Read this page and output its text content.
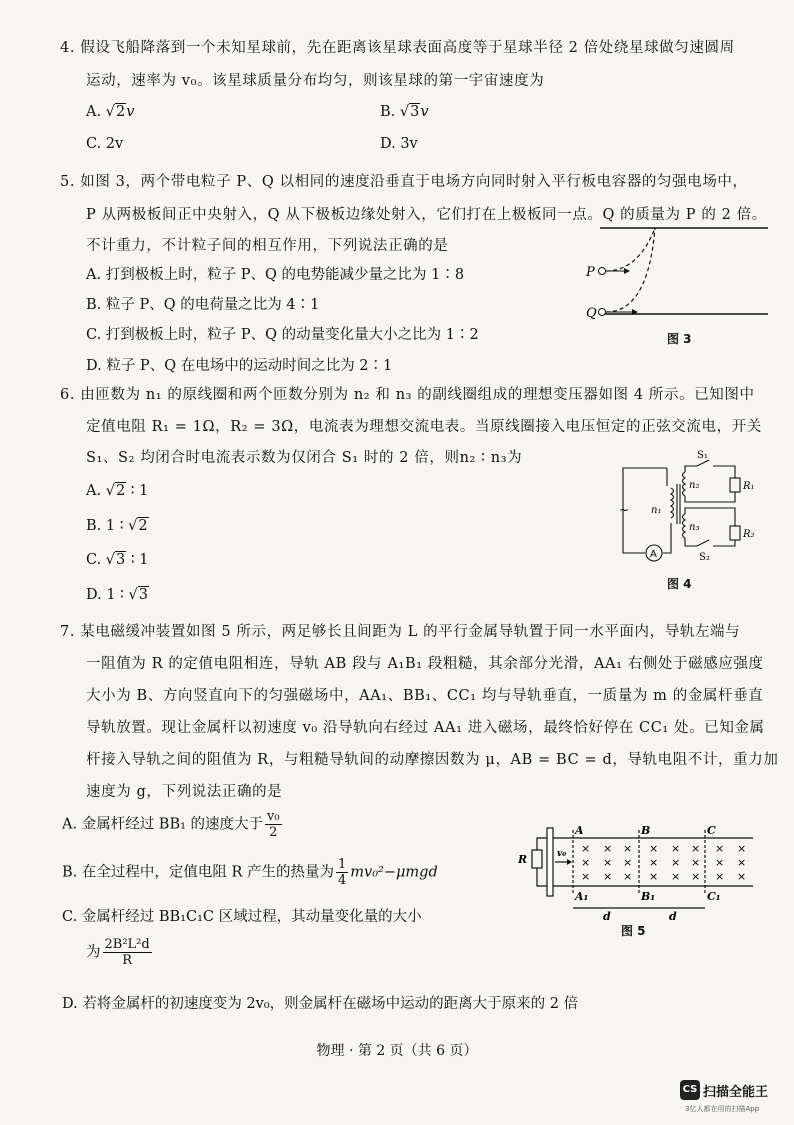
4. 假设飞船降落到一个未知星球前，先在距离该星球表面高度等于星球半径 2 倍处绕星球做匀速圆周
运动，速率为 v₀。该星球质量分布均匀，则该星球的第一宇宙速度为
A. √2v	B. √3v
C. 2v	D. 3v
5. 如图 3，两个带电粒子 P、Q 以相同的速度沿垂直于电场方向同时射入平行板电容器的匀强电场中，
P 从两极板间正中央射入，Q 从下极板边缘处射入，它们打在上极板同一点。Q 的质量为 P 的 2 倍。
不计重力，不计粒子间的相互作用，下列说法正确的是
A. 打到极板上时，粒子 P、Q 的电势能减少量之比为 1∶8
B. 粒子 P、Q 的电荷量之比为 4∶1
C. 打到极板上时，粒子 P、Q 的动量变化量大小之比为 1∶2
D. 粒子 P、Q 在电场中的运动时间之比为 2∶1
P
Q
图 3
6. 由匝数为 n₁ 的原线圈和两个匝数分别为 n₂ 和 n₃ 的副线圈组成的理想变压器如图 4 所示。已知图中
定值电阻 R₁ = 1Ω，R₂ = 3Ω，电流表为理想交流电表。当原线圈接入电压恒定的正弦交流电，开关
S₁、S₂ 均闭合时电流表示数为仅闭合 S₁ 时的 2 倍，则n₂ ∶ n₃为
A. √2 ∶ 1
B. 1 ∶ √2
C. √3 ∶ 1
D. 1 ∶ √3
~
A
n₁
n₂
n₃
S₁
S₂
R₁
R₂
图 4
7. 某电磁缓冲装置如图 5 所示，两足够长且间距为 L 的平行金属导轨置于同一水平面内，导轨左端与
一阻值为 R 的定值电阻相连，导轨 AB 段与 A₁B₁ 段粗糙，其余部分光滑，AA₁ 右侧处于磁感应强度
大小为 B、方向竖直向下的匀强磁场中，AA₁、BB₁、CC₁ 均与导轨垂直，一质量为 m 的金属杆垂直
导轨放置。现让金属杆以初速度 v₀ 沿导轨向右经过 AA₁ 进入磁场，最终恰好停在 CC₁ 处。已知金属
杆接入导轨之间的阻值为 R，与粗糙导轨间的动摩擦因数为 μ，AB = BC = d，导轨电阻不计，重力加
速度为 g，下列说法正确的是
A. 金属杆经过 BB₁ 的速度大于 $\frac{\text{v₀}}{2}$
B. 在全过程中，定值电阻 R 产生的热量为 $\frac{1}{4} mv_0^2-\mu mgd$
C. 金属杆经过 BB₁C₁C 区域过程，其动量变化量的大小
为 $\frac{\text{2B²L²d}}{R}$
D. 若将金属杆的初速度变为 2v₀，则金属杆在磁场中运动的距离大于原来的 2 倍
× × × × × × × ×
× × × × × × × ×
× × × × × × × ×
A	B	C
A₁	B₁	C₁
R	v₀
d	d
图 5
物理 · 第 2 页（共 6 页）
CS 扫描全能王
3亿人都在用的扫描App
